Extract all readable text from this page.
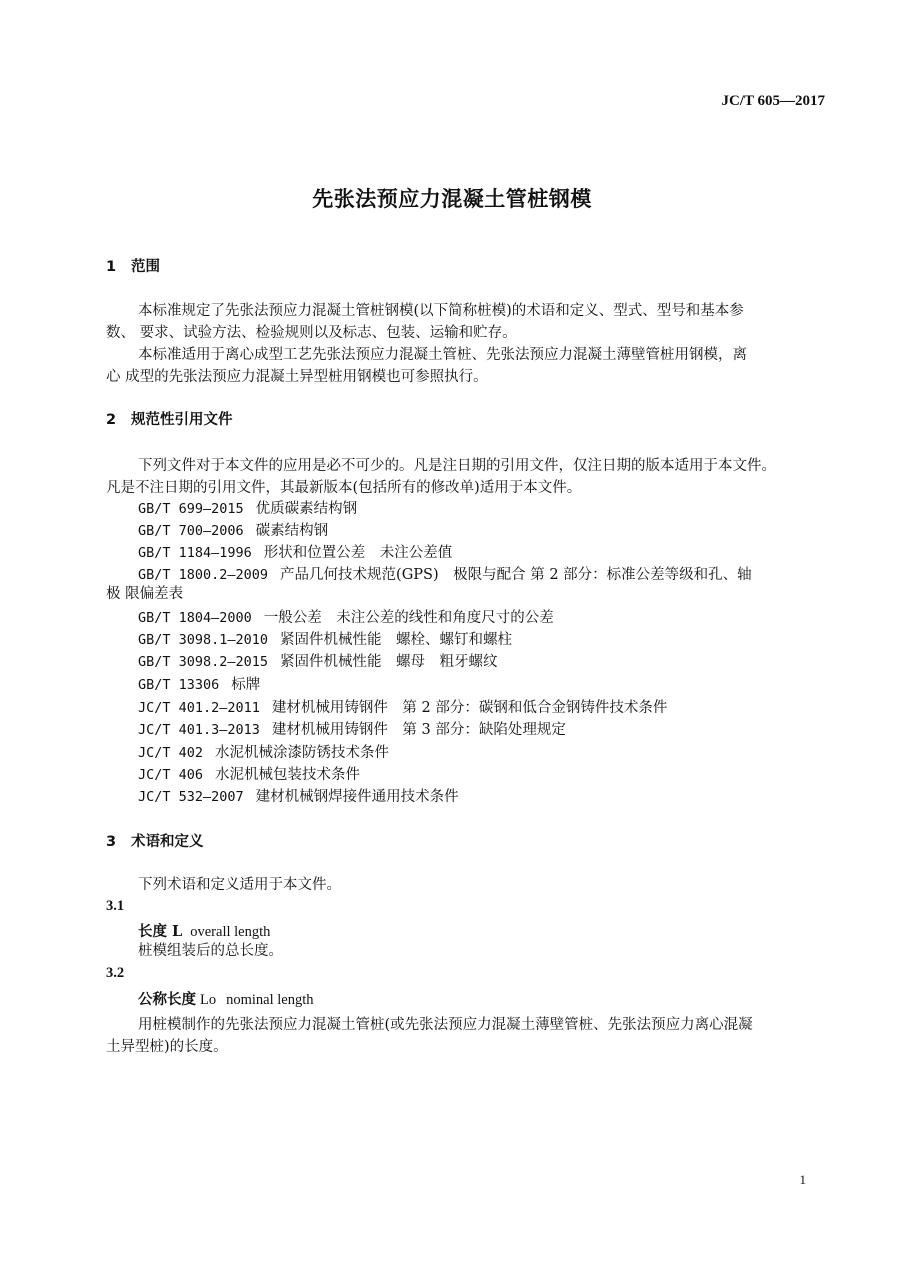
JC/T 605—2017
先张法预应力混凝土管桩钢模
1 范围
本标准规定了先张法预应力混凝土管桩钢模(以下简称桩模)的术语和定义、型式、型号和基本参
数、 要求、试验方法、检验规则以及标志、包装、运输和贮存。
本标准适用于离心成型工艺先张法预应力混凝土管桩、先张法预应力混凝土薄壁管桩用钢模，离
心 成型的先张法预应力混凝土异型桩用钢模也可参照执行。
2 规范性引用文件
下列文件对于本文件的应用是必不可少的。凡是注日期的引用文件，仅注日期的版本适用于本文件。
凡是不注日期的引用文件，其最新版本(包括所有的修改单)适用于本文件。
GB/T 699—2015 优质碳素结构钢
GB/T 700—2006 碳素结构钢
GB/T 1184—1996 形状和位置公差　未注公差值
GB/T 1800.2—2009 产品几何技术规范(GPS)　极限与配合 第 2 部分：标准公差等级和孔、轴
极 限偏差表
GB/T 1804—2000 一般公差　未注公差的线性和角度尺寸的公差
GB/T 3098.1—2010 紧固件机械性能　螺栓、螺钉和螺柱
GB/T 3098.2—2015 紧固件机械性能　螺母　粗牙螺纹
GB/T 13306 标牌
JC/T 401.2—2011 建材机械用铸钢件　第 2 部分：碳钢和低合金钢铸件技术条件
JC/T 401.3—2013 建材机械用铸钢件　第 3 部分：缺陷处理规定
JC/T 402 水泥机械涂漆防锈技术条件
JC/T 406 水泥机械包装技术条件
JC/T 532—2007 建材机械钢焊接件通用技术条件
3 术语和定义
下列术语和定义适用于本文件。
3.1
长度 L overall length
桩模组装后的总长度。
3.2
公称长度 Lo nominal length
用桩模制作的先张法预应力混凝土管桩(或先张法预应力混凝土薄壁管桩、先张法预应力离心混凝
土异型桩)的长度。
1
